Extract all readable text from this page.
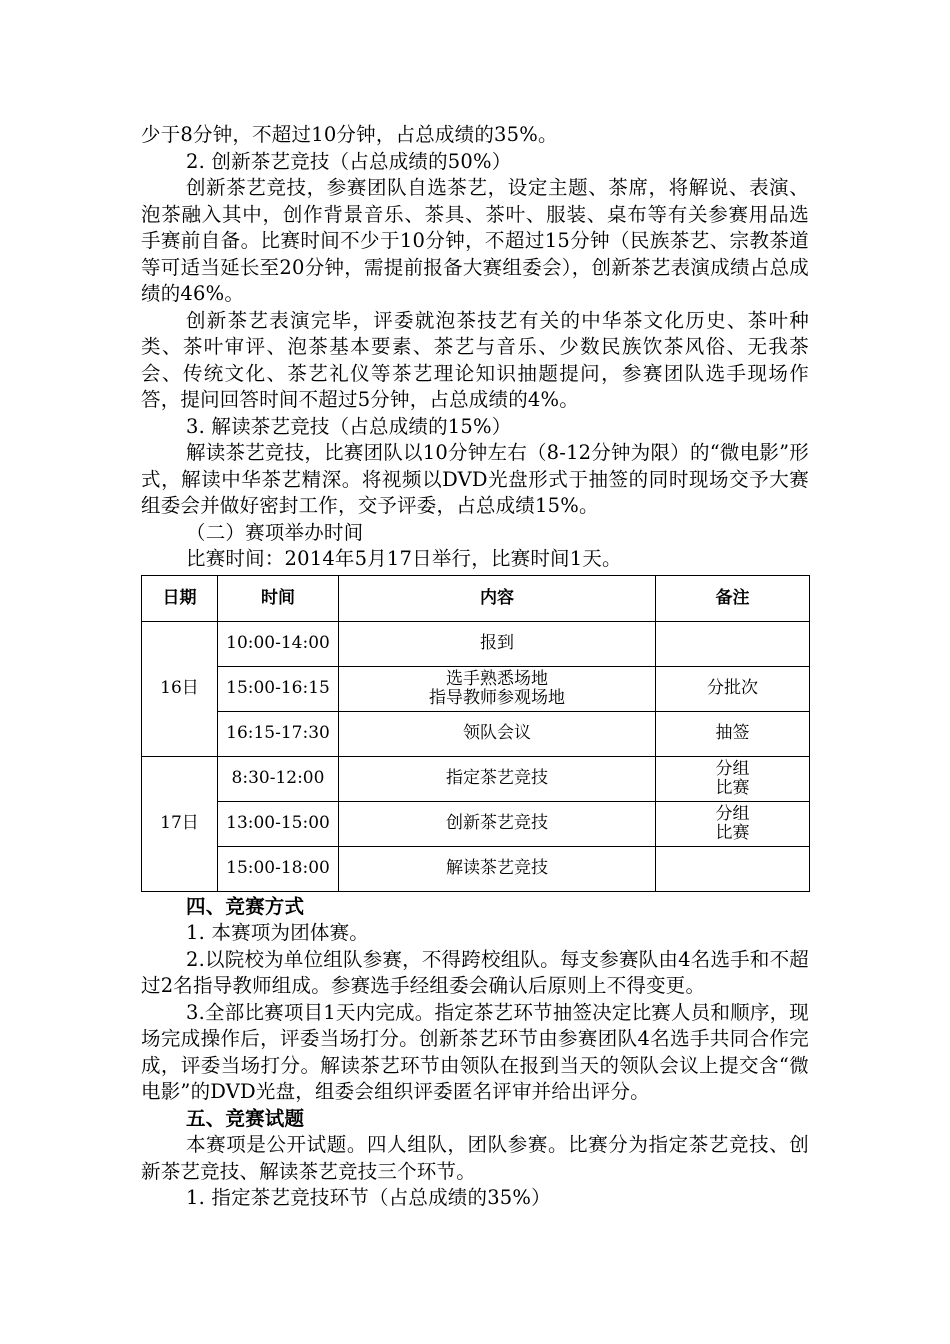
少于8分钟，不超过10分钟，占总成绩的35%。

2. 创新茶艺竞技（占总成绩的50%）

创新茶艺竞技，参赛团队自选茶艺，设定主题、茶席，将解说、表演、泡茶融入其中，创作背景音乐、茶具、茶叶、服装、桌布等有关参赛用品选手赛前自备。比赛时间不少于10分钟，不超过15分钟（民族茶艺、宗教茶道等可适当延长至20分钟，需提前报备大赛组委会），创新茶艺表演成绩占总成绩的46%。

创新茶艺表演完毕，评委就泡茶技艺有关的中华茶文化历史、茶叶种类、茶叶审评、泡茶基本要素、茶艺与音乐、少数民族饮茶风俗、无我茶会、传统文化、茶艺礼仪等茶艺理论知识抽题提问，参赛团队选手现场作答，提问回答时间不超过5分钟，占总成绩的4%。

3. 解读茶艺竞技（占总成绩的15%）

解读茶艺竞技，比赛团队以10分钟左右（8-12分钟为限）的“微电影”形式，解读中华茶艺精深。将视频以DVD光盘形式于抽签的同时现场交予大赛组委会并做好密封工作，交予评委，占总成绩15%。

（二）赛项举办时间

比赛时间：2014年5月17日举行，比赛时间1天。

日期	时间	内容	备注
16日	10:00-14:00	报到	

	15:00-16:15	选手熟悉场地
指导教师参观场地	分批次

	16:15-17:30	领队会议	抽签

17日	8:30-12:00	指定茶艺竞技	分组
比赛

	13:00-15:00	创新茶艺竞技	分组
比赛

	15:00-18:00	解读茶艺竞技	

四、竞赛方式

1. 本赛项为团体赛。

2.以院校为单位组队参赛，不得跨校组队。每支参赛队由4名选手和不超过2名指导教师组成。参赛选手经组委会确认后原则上不得变更。

3.全部比赛项目1天内完成。指定茶艺环节抽签决定比赛人员和顺序，现场完成操作后，评委当场打分。创新茶艺环节由参赛团队4名选手共同合作完成，评委当场打分。解读茶艺环节由领队在报到当天的领队会议上提交含“微电影”的DVD光盘，组委会组织评委匿名评审并给出评分。

五、竞赛试题

本赛项是公开试题。四人组队，团队参赛。比赛分为指定茶艺竞技、创新茶艺竞技、解读茶艺竞技三个环节。

1. 指定茶艺竞技环节（占总成绩的35%）
